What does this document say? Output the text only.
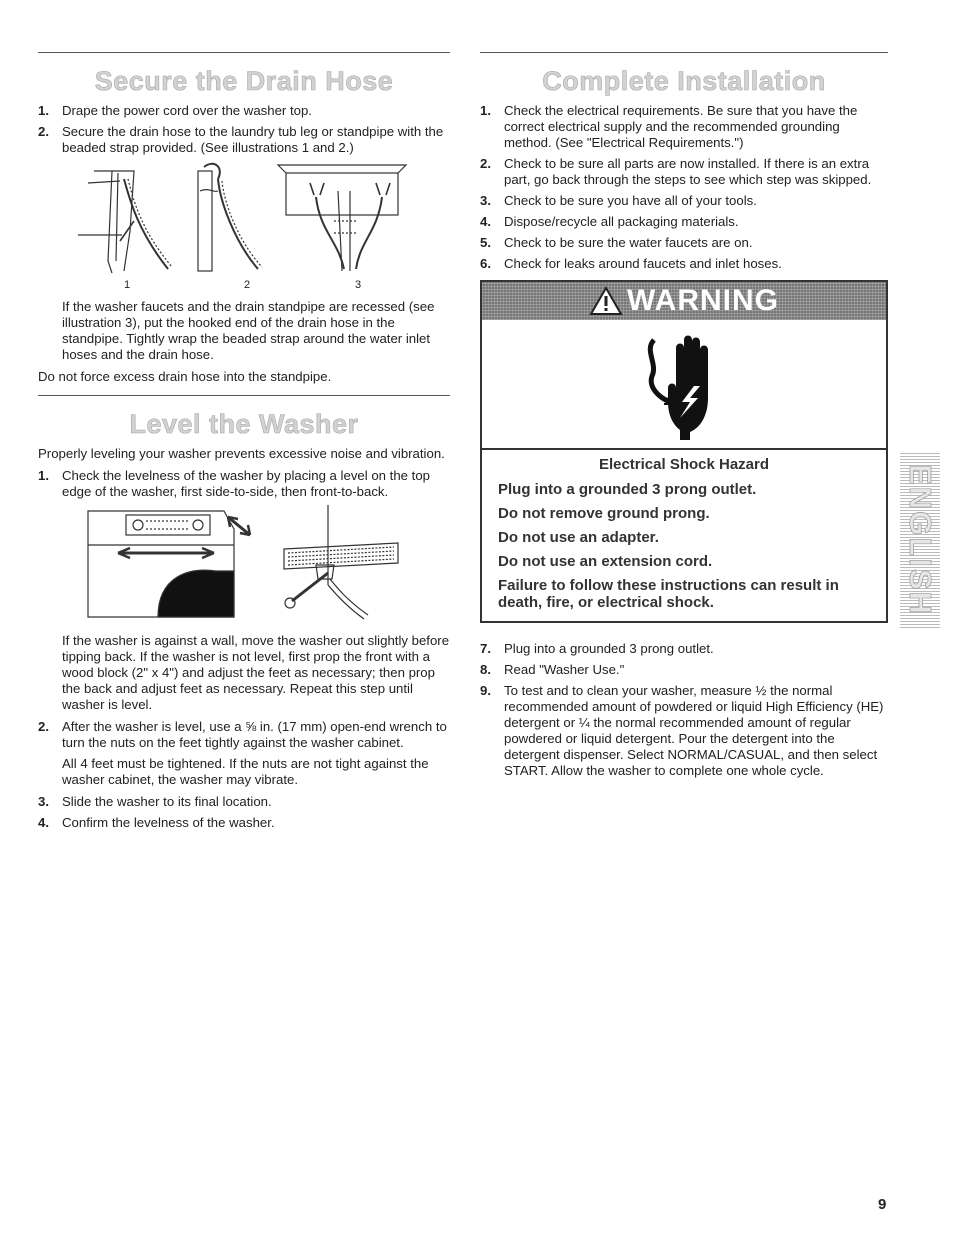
Secure the Drain Hose
1. Drape the power cord over the washer top.
2. Secure the drain hose to the laundry tub leg or standpipe with the beaded strap provided. (See illustrations 1 and 2.)
1	2	3

If the washer faucets and the drain standpipe are recessed (see illustration 3), put the hooked end of the drain hose in the standpipe. Tightly wrap the beaded strap around the water inlet hoses and the drain hose.

Do not force excess drain hose into the standpipe.

Level the Washer

Properly leveling your washer prevents excessive noise and vibration.

1. Check the levelness of the washer by placing a level on the top edge of the washer, first side-to-side, then front-to-back.

If the washer is against a wall, move the washer out slightly before tipping back. If the washer is not level, first prop the front with a wood block (2" x 4") and adjust the feet as necessary; then prop the back and adjust feet as necessary. Repeat this step until washer is level.

2. After the washer is level, use a ⅝ in. (17 mm) open-end wrench to turn the nuts on the feet tightly against the washer cabinet.

All 4 feet must be tightened. If the nuts are not tight against the washer cabinet, the washer may vibrate.

3. Slide the washer to its final location.
4. Confirm the levelness of the washer.
Complete Installation
1. Check the electrical requirements. Be sure that you have the correct electrical supply and the recommended grounding method. (See "Electrical Requirements.")
2. Check to be sure all parts are now installed. If there is an extra part, go back through the steps to see which step was skipped.
3. Check to be sure you have all of your tools.
4. Dispose/recycle all packaging materials.
5. Check to be sure the water faucets are on.
6. Check for leaks around faucets and inlet hoses.
WARNING

Electrical Shock Hazard

Plug into a grounded 3 prong outlet.

Do not remove ground prong.

Do not use an adapter.

Do not use an extension cord.

Failure to follow these instructions can result in death, fire, or electrical shock.

7. Plug into a grounded 3 prong outlet.
8. Read "Washer Use."
9. To test and to clean your washer, measure ½ the normal recommended amount of powdered or liquid High Efficiency (HE) detergent or ¼ the normal recommended amount of regular powdered or liquid detergent. Pour the detergent into the detergent dispenser. Select NORMAL/CASUAL, and then select START. Allow the washer to complete one whole cycle.
ENGLISH
9
